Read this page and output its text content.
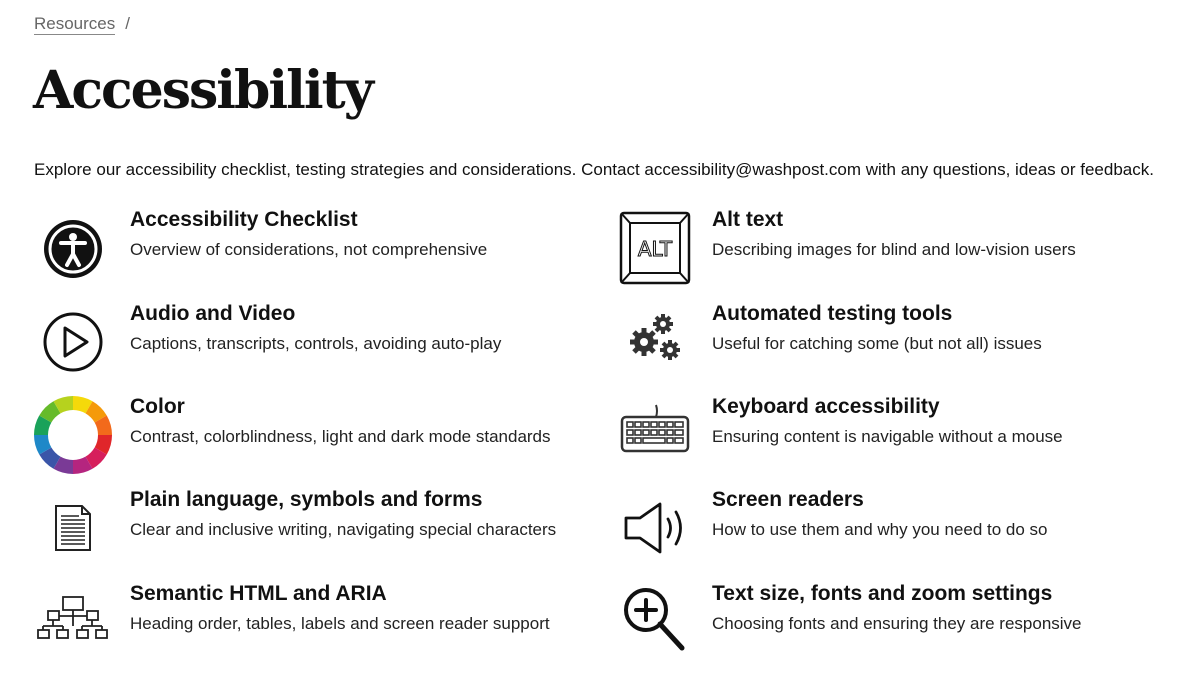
Resources /
Accessibility

Explore our accessibility checklist, testing strategies and considerations. Contact accessibility@washpost.com with any questions, ideas or feedback.

Accessibility Checklist
Overview of considerations, not comprehensive	ALT
Alt text
Describing images for blind and low-vision users
Audio and Video
Captions, transcripts, controls, avoiding auto-play
Automated testing tools
Useful for catching some (but not all) issues
Color
Contrast, colorblindness, light and dark mode standards
Keyboard accessibility
Ensuring content is navigable without a mouse
Plain language, symbols and forms
Clear and inclusive writing, navigating special characters
Screen readers
How to use them and why you need to do so
Semantic HTML and ARIA
Heading order, tables, labels and screen reader support
Text size, fonts and zoom settings
Choosing fonts and ensuring they are responsive
